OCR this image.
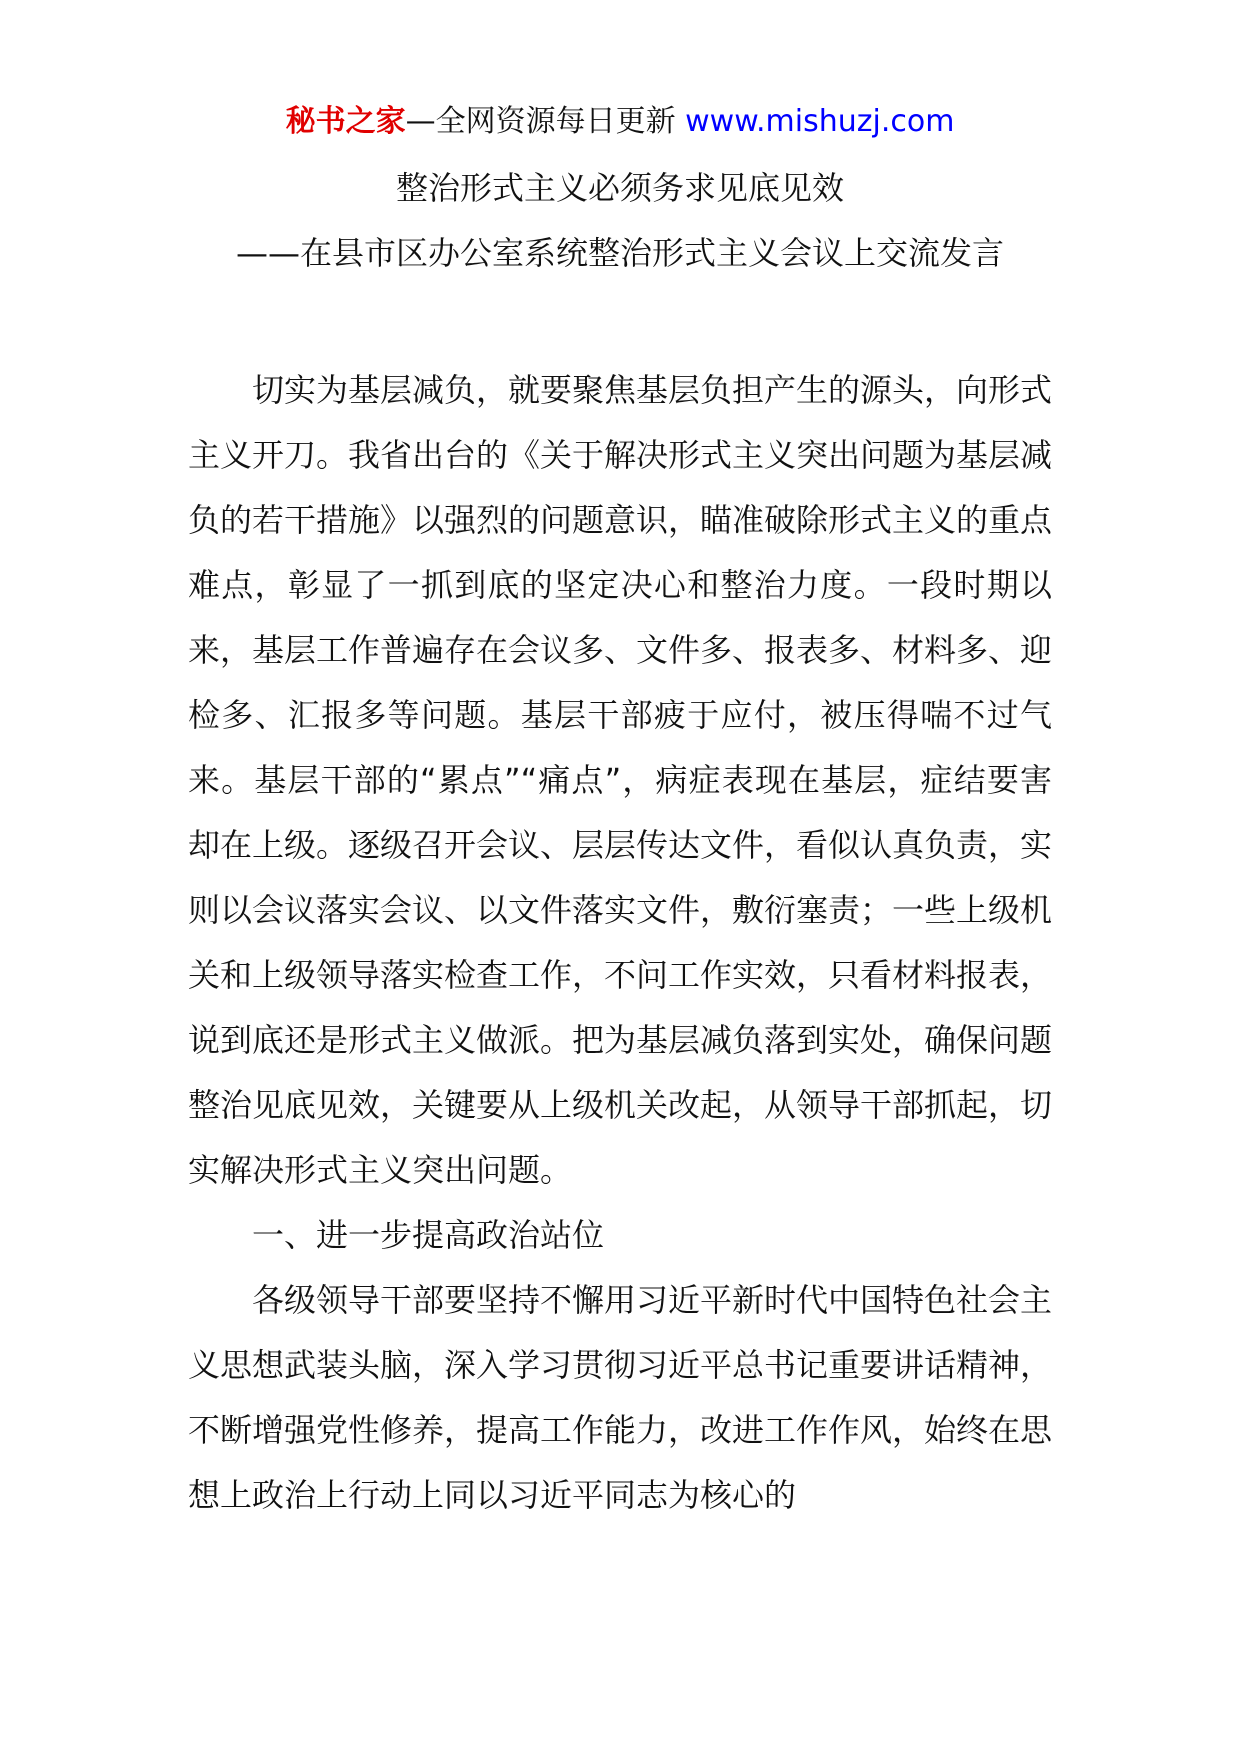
秘书之家—全网资源每日更新 www.mishuzj.com
整治形式主义必须务求见底见效
——在县市区办公室系统整治形式主义会议上交流发言

切实为基层减负，就要聚焦基层负担产生的源头，向形式主义开刀。我省出台的《关于解决形式主义突出问题为基层减负的若干措施》以强烈的问题意识，瞄准破除形式主义的重点难点，彰显了一抓到底的坚定决心和整治力度。一段时期以来，基层工作普遍存在会议多、文件多、报表多、材料多、迎检多、汇报多等问题。基层干部疲于应付，被压得喘不过气来。基层干部的“累点”“痛点”，病症表现在基层，症结要害却在上级。逐级召开会议、层层传达文件，看似认真负责，实则以会议落实会议、以文件落实文件，敷衍塞责；一些上级机关和上级领导落实检查工作，不问工作实效，只看材料报表，说到底还是形式主义做派。把为基层减负落到实处，确保问题整治见底见效，关键要从上级机关改起，从领导干部抓起，切实解决形式主义突出问题。

一、进一步提高政治站位

各级领导干部要坚持不懈用习近平新时代中国特色社会主义思想武装头脑，深入学习贯彻习近平总书记重要讲话精神，不断增强党性修养，提高工作能力，改进工作作风，始终在思想上政治上行动上同以习近平同志为核心的
